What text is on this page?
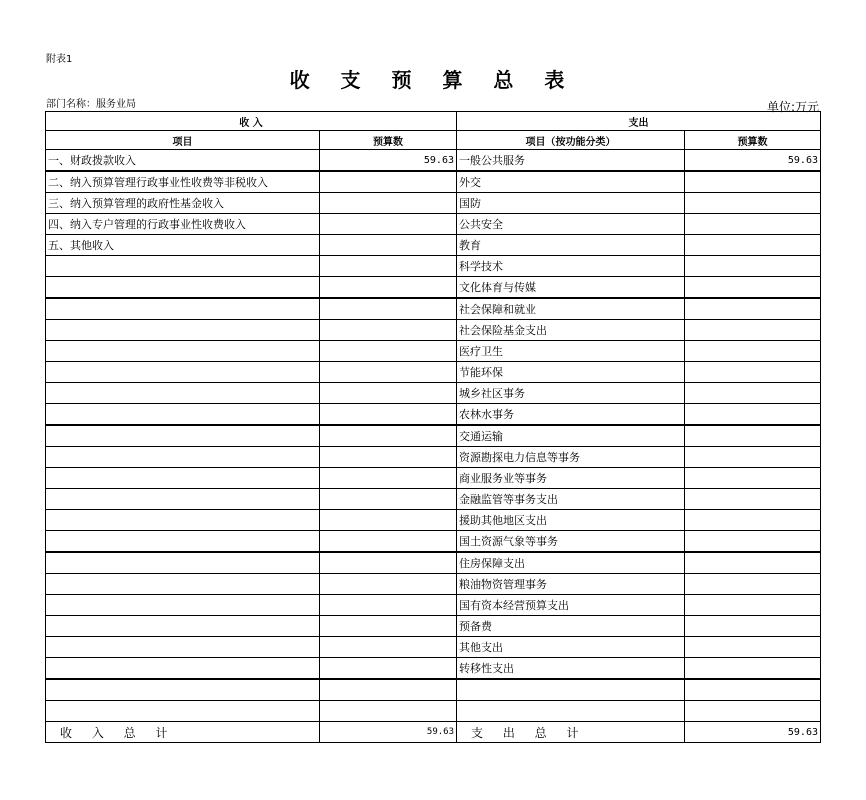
附表1
收 支 预 算 总 表
部门名称：服务业局	单位:万元
收 入		支出	
项目	预算数	项目（按功能分类）	预算数
一、财政拨款收入	59.63	一般公共服务	59.63
二、纳入预算管理行政事业性收费等非税收入		外交	
三、纳入预算管理的政府性基金收入		国防	
四、纳入专户管理的行政事业性收费收入		公共安全	
五、其他收入		教育	
		科学技术	
		文化体育与传媒	
		社会保障和就业	
		社会保险基金支出	
		医疗卫生	
		节能环保	
		城乡社区事务	
		农林水事务	
		交通运输	
		资源勘探电力信息等事务	
		商业服务业等事务	
		金融监管等事务支出	
		援助其他地区支出	
		国土资源气象等事务	
		住房保障支出	
		粮油物资管理事务	
		国有资本经营预算支出	
		预备费	
		其他支出	
		转移性支出	

收 入 总 计	59.63	支 出 总 计	59.63
